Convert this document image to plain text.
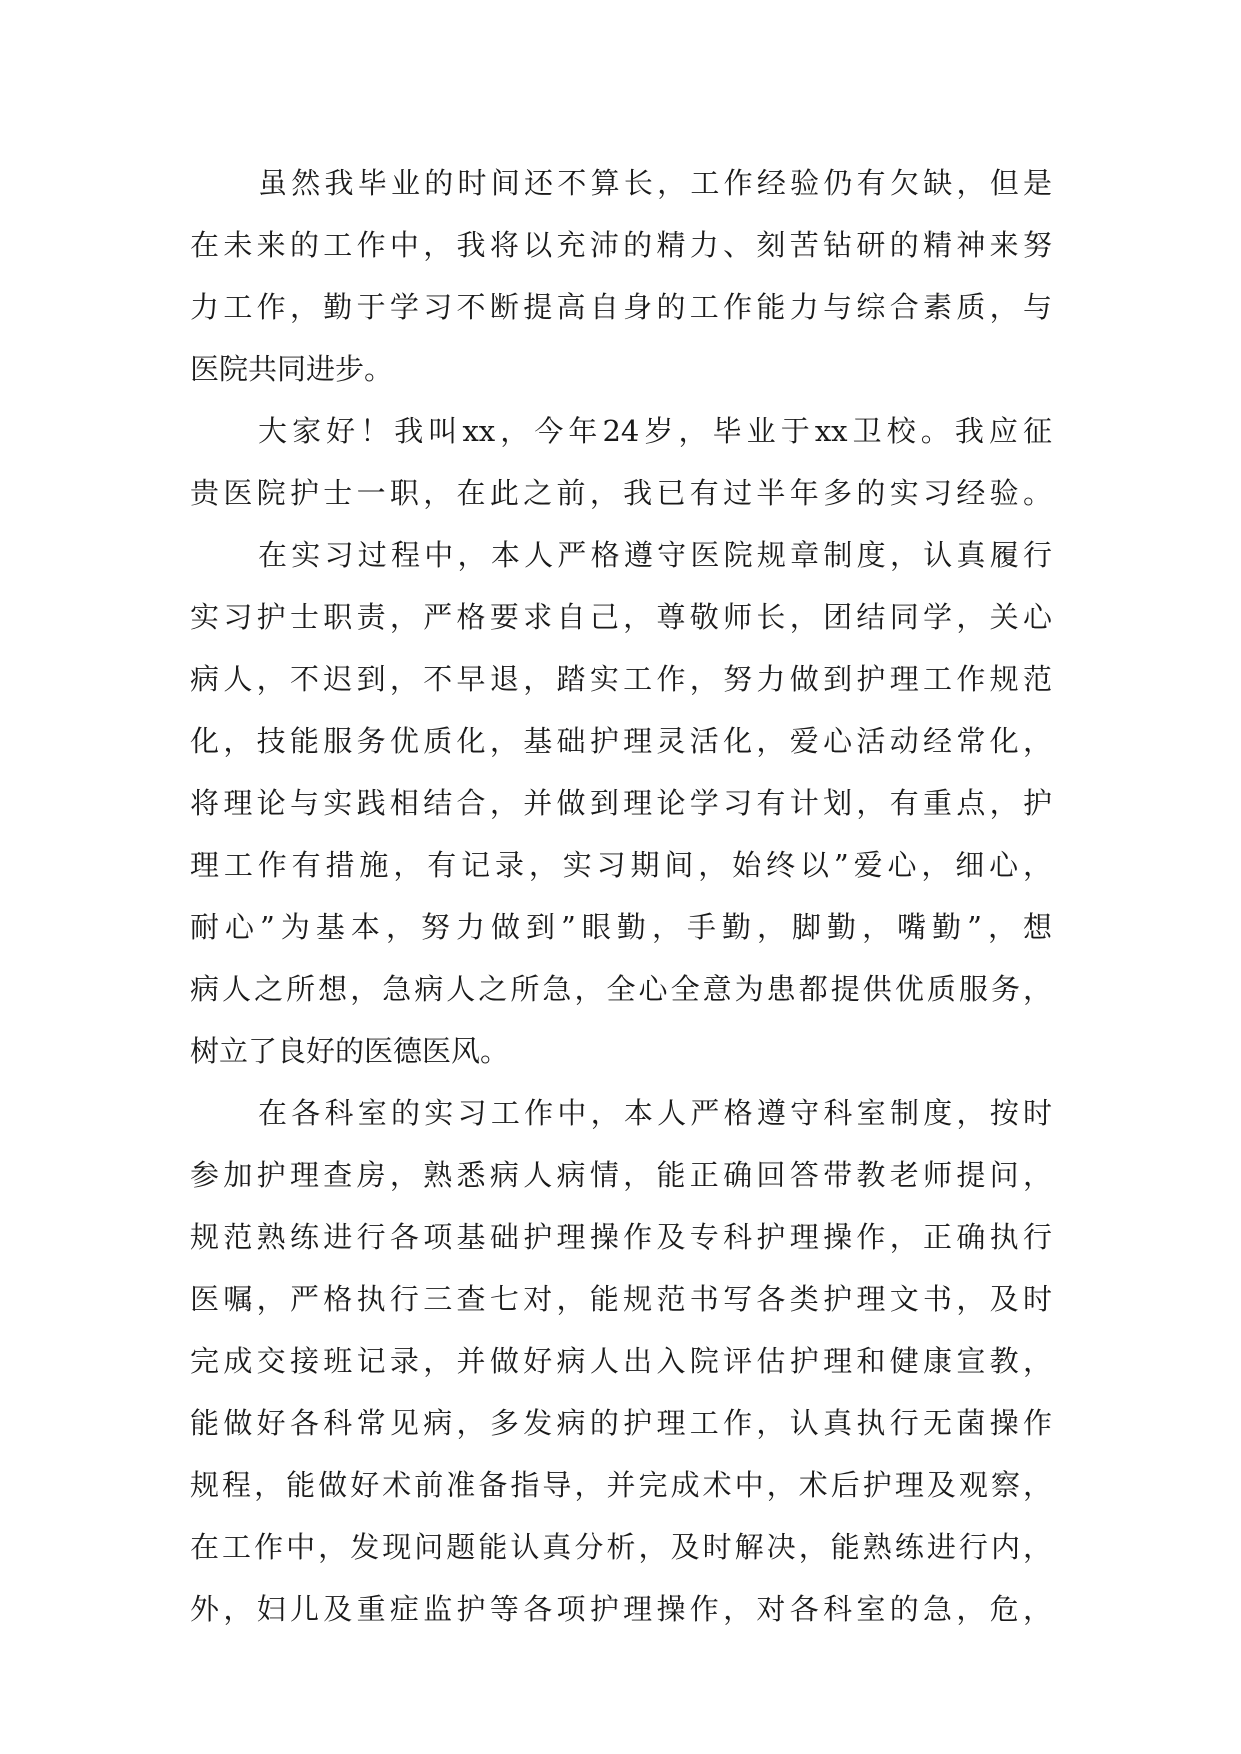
虽然我毕业的时间还不算长，工作经验仍有欠缺，但是
在未来的工作中，我将以充沛的精力、刻苦钻研的精神来努
力工作，勤于学习不断提高自身的工作能力与综合素质，与
医院共同进步。
大家好！我叫xx，今年24岁，毕业于xx卫校。我应征
贵医院护士一职，在此之前，我已有过半年多的实习经验。
在实习过程中，本人严格遵守医院规章制度，认真履行
实习护士职责，严格要求自己，尊敬师长，团结同学，关心
病人，不迟到，不早退，踏实工作，努力做到护理工作规范
化，技能服务优质化，基础护理灵活化，爱心活动经常化，
将理论与实践相结合，并做到理论学习有计划，有重点，护
理工作有措施，有记录，实习期间，始终以”爱心，细心，
耐心”为基本，努力做到”眼勤，手勤，脚勤，嘴勤”，想
病人之所想，急病人之所急，全心全意为患都提供优质服务，
树立了良好的医德医风。
在各科室的实习工作中，本人严格遵守科室制度，按时
参加护理查房，熟悉病人病情，能正确回答带教老师提问，
规范熟练进行各项基础护理操作及专科护理操作，正确执行
医嘱，严格执行三查七对，能规范书写各类护理文书，及时
完成交接班记录，并做好病人出入院评估护理和健康宣教，
能做好各科常见病，多发病的护理工作，认真执行无菌操作
规程，能做好术前准备指导，并完成术中，术后护理及观察，
在工作中，发现问题能认真分析，及时解决，能熟练进行内，
外，妇儿及重症监护等各项护理操作，对各科室的急，危，
